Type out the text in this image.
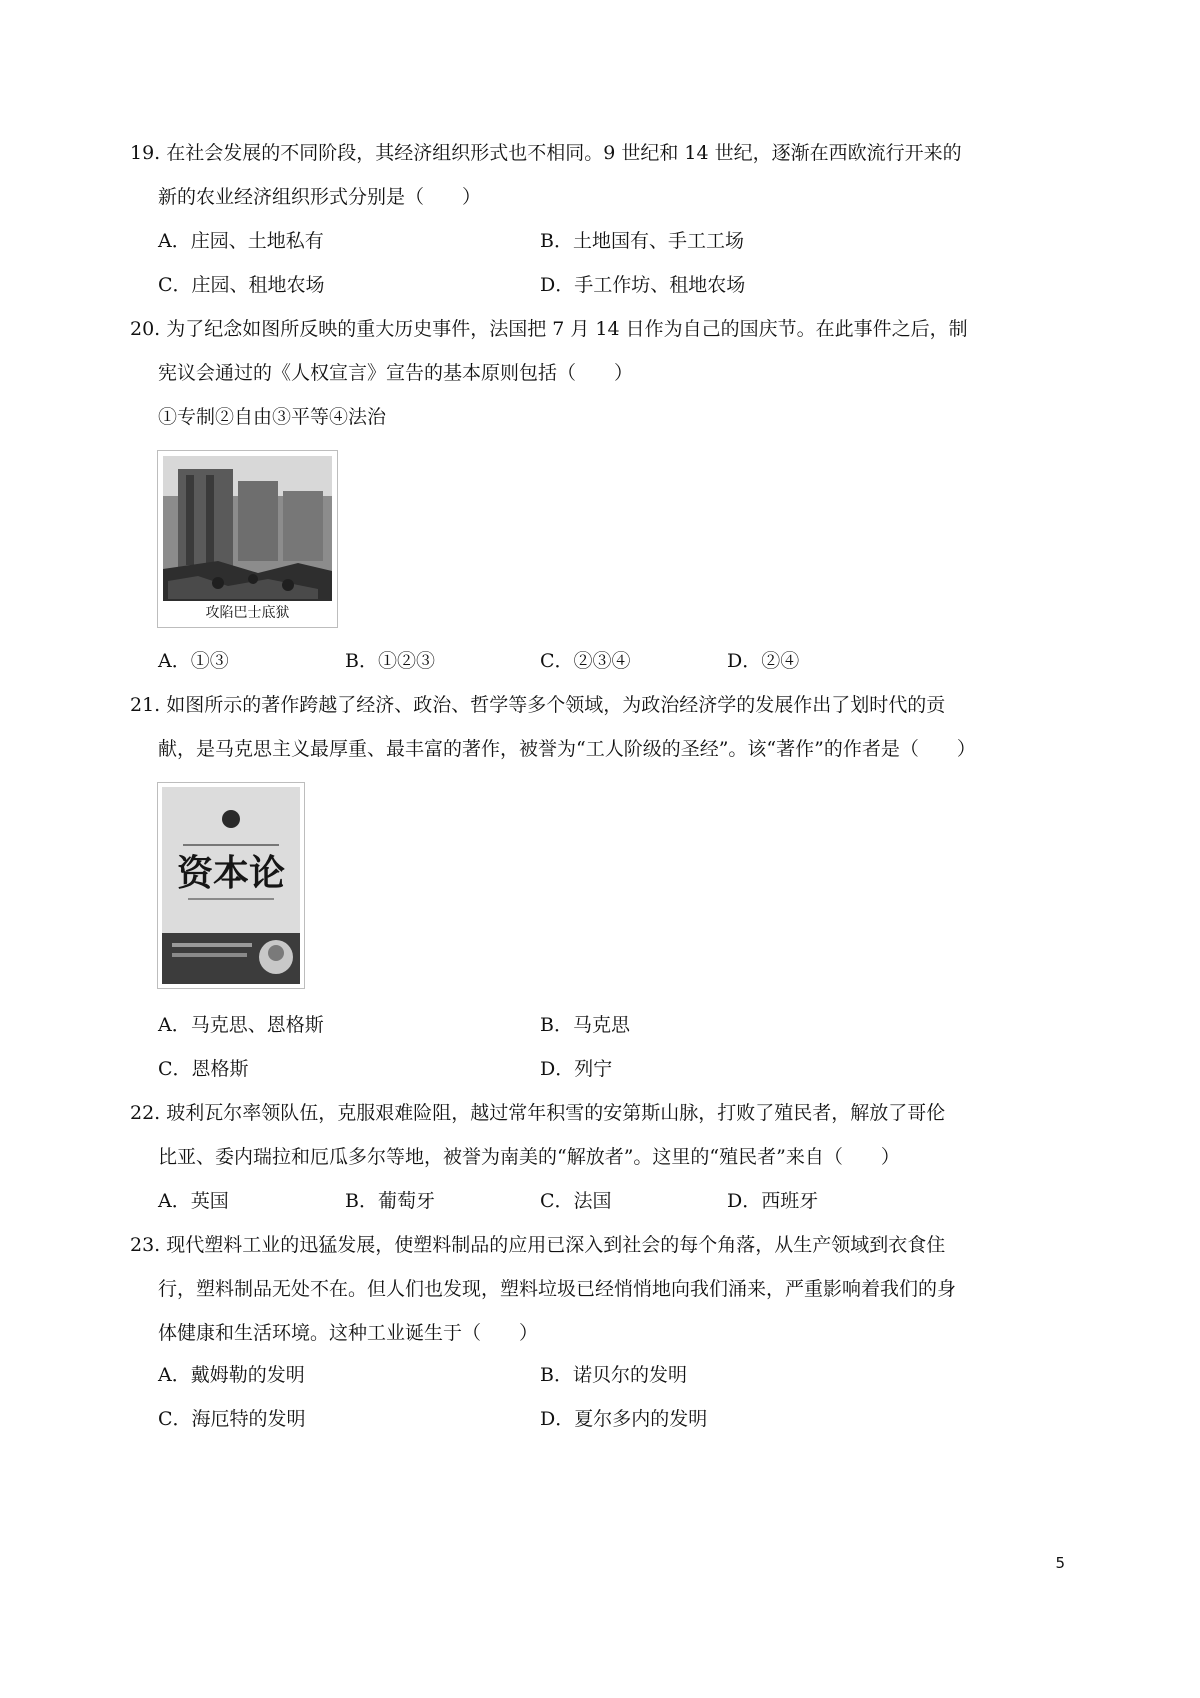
19. 在社会发展的不同阶段，其经济组织形式也不相同。9 世纪和 14 世纪，逐渐在西欧流行开来的
新的农业经济组织形式分别是（　　）
A．庄园、土地私有	B．土地国有、手工工场
C．庄园、租地农场	D．手工作坊、租地农场
20. 为了纪念如图所反映的重大历史事件，法国把 7 月 14 日作为自己的国庆节。在此事件之后，制
宪议会通过的《人权宣言》宣告的基本原则包括（　　）
①专制②自由③平等④法治
攻陷巴士底狱
A．①③	B．①②③	C．②③④	D．②④
21. 如图所示的著作跨越了经济、政治、哲学等多个领域，为政治经济学的发展作出了划时代的贡
献，是马克思主义最厚重、最丰富的著作，被誉为“工人阶级的圣经”。该“著作”的作者是（　　）
资本论
A．马克思、恩格斯	B．马克思
C．恩格斯	D．列宁
22. 玻利瓦尔率领队伍，克服艰难险阻，越过常年积雪的安第斯山脉，打败了殖民者，解放了哥伦
比亚、委内瑞拉和厄瓜多尔等地，被誉为南美的“解放者”。这里的“殖民者”来自（　　）
A．英国	B．葡萄牙	C．法国	D．西班牙
23. 现代塑料工业的迅猛发展，使塑料制品的应用已深入到社会的每个角落，从生产领域到衣食住
行，塑料制品无处不在。但人们也发现，塑料垃圾已经悄悄地向我们涌来，严重影响着我们的身
体健康和生活环境。这种工业诞生于（　　）
A．戴姆勒的发明	B．诺贝尔的发明
C．海厄特的发明	D．夏尔多内的发明
5
